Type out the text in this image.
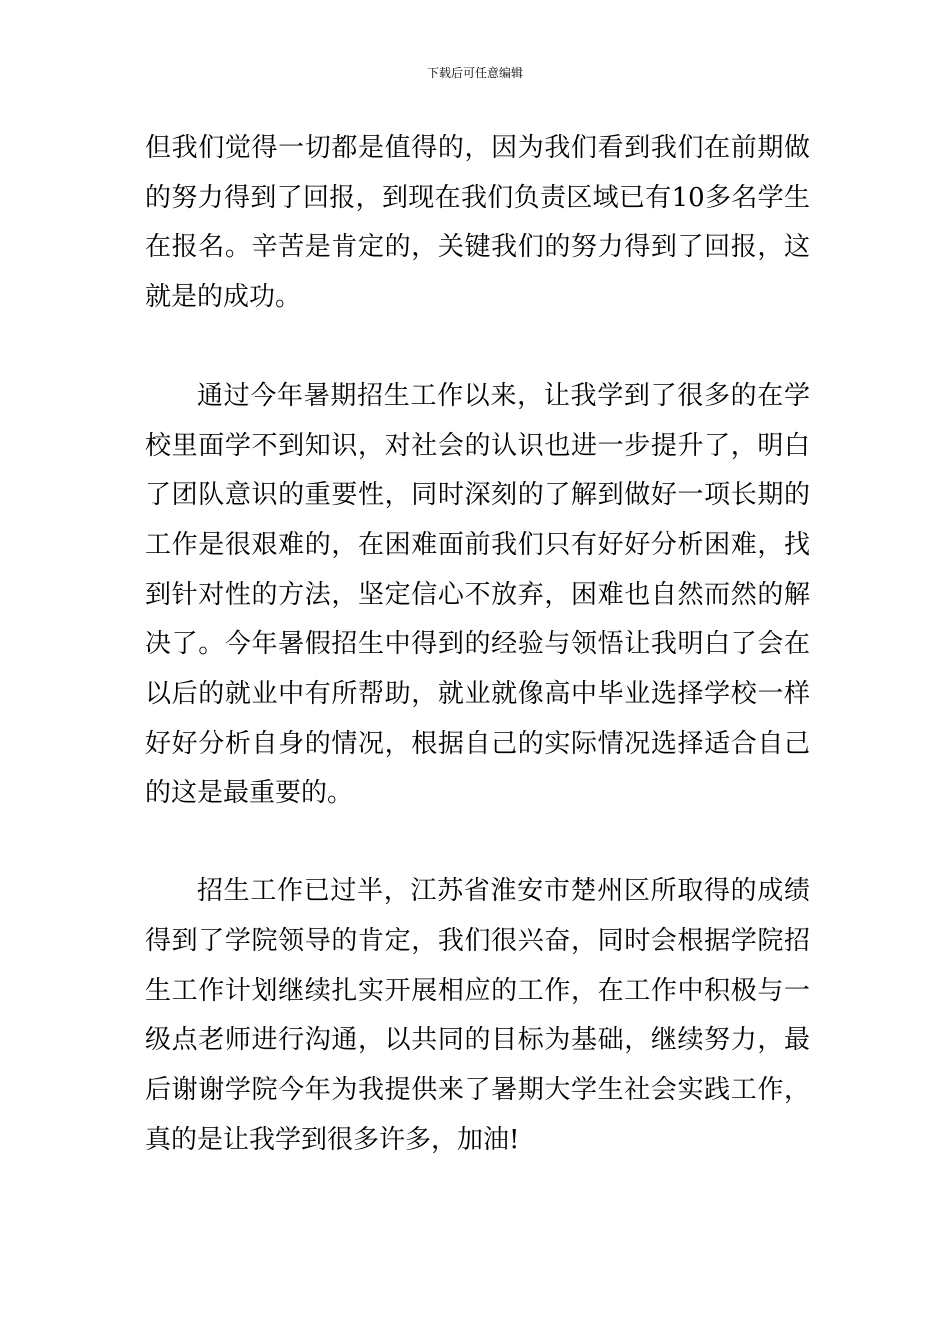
下载后可任意编辑

但我们觉得一切都是值得的，因为我们看到我们在前期做的努力得到了回报，到现在我们负责区域已有10多名学生在报名。辛苦是肯定的，关键我们的努力得到了回报，这就是的成功。

通过今年暑期招生工作以来，让我学到了很多的在学校里面学不到知识，对社会的认识也进一步提升了，明白了团队意识的重要性，同时深刻的了解到做好一项长期的工作是很艰难的，在困难面前我们只有好好分析困难，找到针对性的方法，坚定信心不放弃，困难也自然而然的解决了。今年暑假招生中得到的经验与领悟让我明白了会在以后的就业中有所帮助，就业就像高中毕业选择学校一样好好分析自身的情况，根据自己的实际情况选择适合自己的这是最重要的。

招生工作已过半，江苏省淮安市楚州区所取得的成绩得到了学院领导的肯定，我们很兴奋，同时会根据学院招生工作计划继续扎实开展相应的工作，在工作中积极与一级点老师进行沟通，以共同的目标为基础，继续努力，最后谢谢学院今年为我提供来了暑期大学生社会实践工作，真的是让我学到很多许多，加油!
